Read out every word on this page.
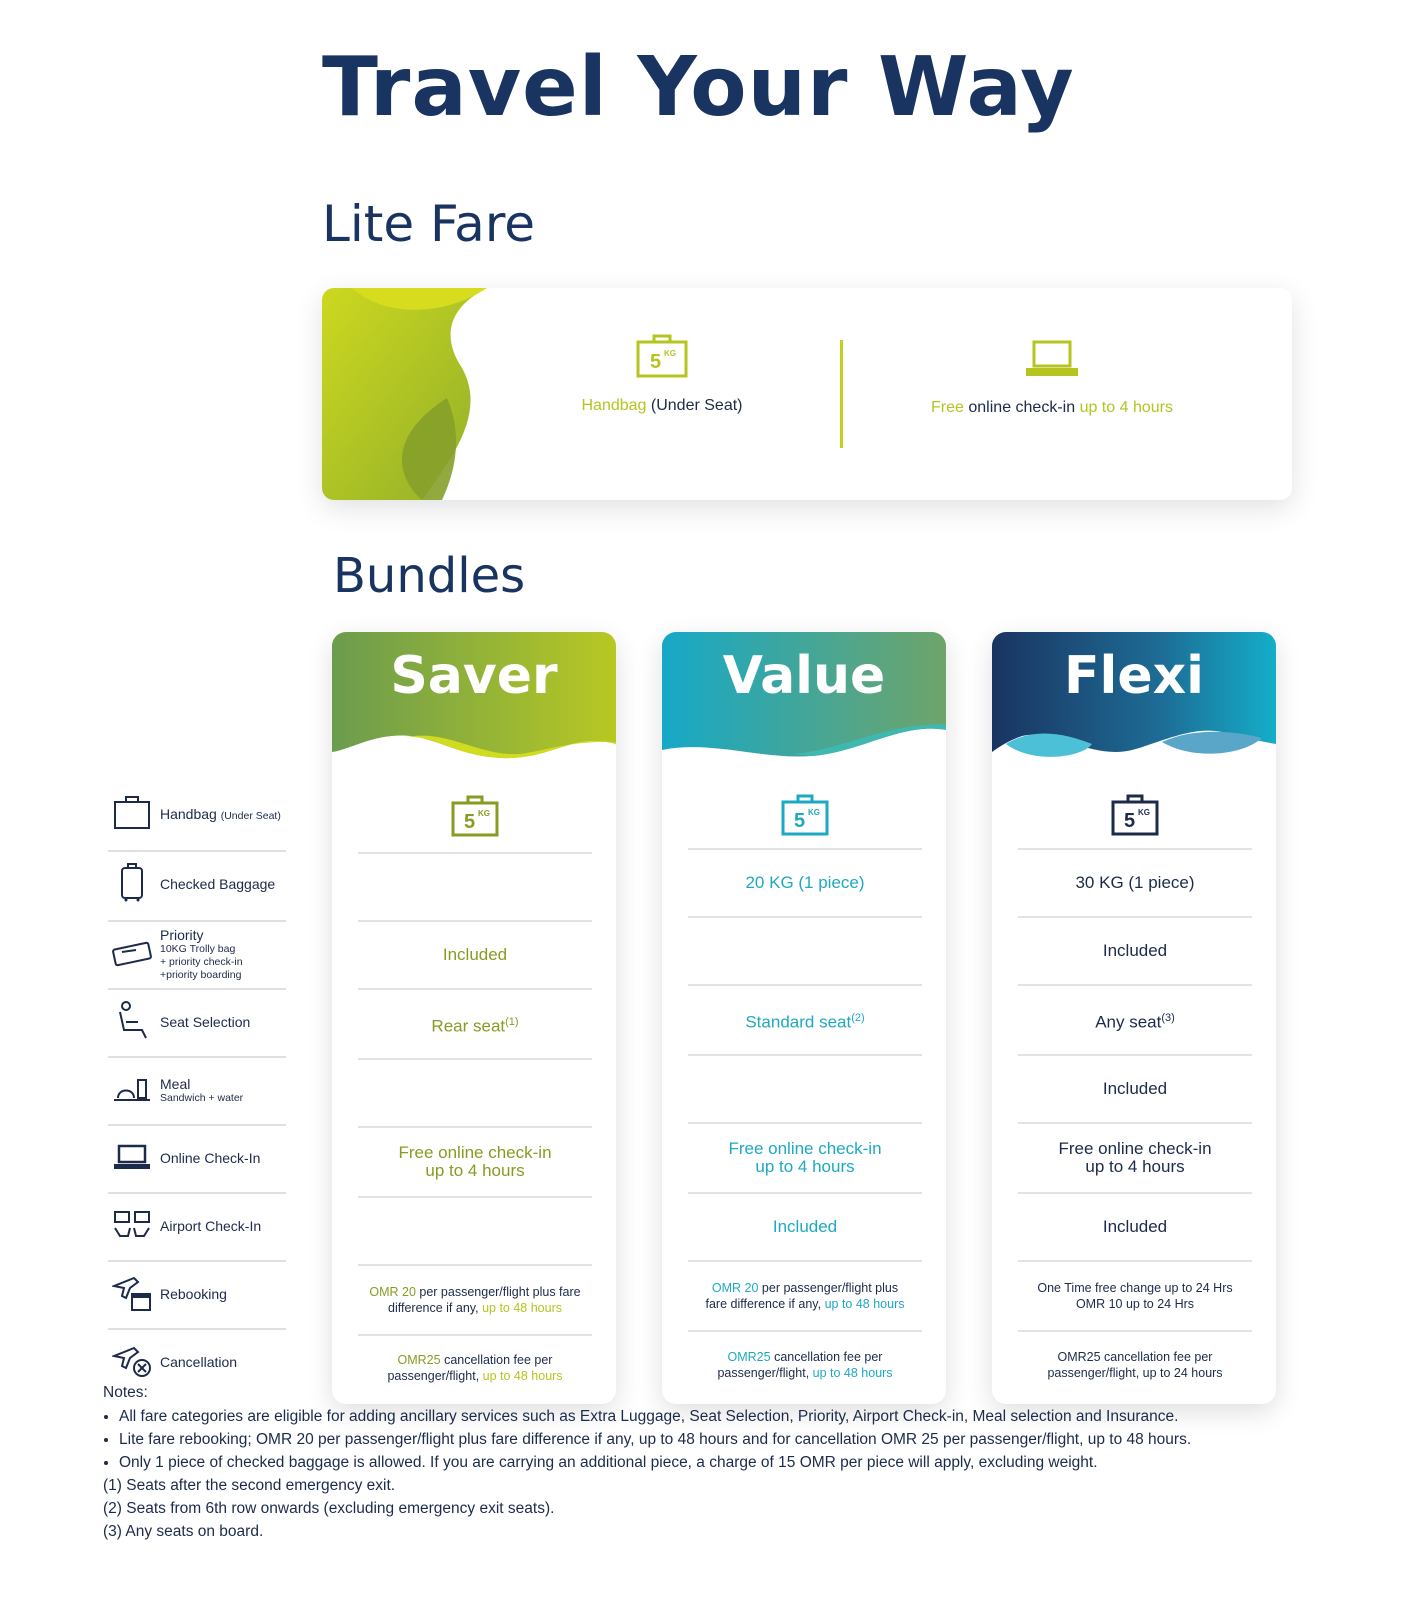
Travel Your Way
Lite Fare
5 KG
Handbag (Under Seat)	Free online check-in up to 4 hours
Bundles
Handbag (Under Seat)
Checked Baggage
Priority
10KG Trolly bag
+ priority check-in
+priority boarding
Seat Selection
Meal
Sandwich + water
Online Check-In
Airport Check-In
Rebooking
Cancellation
Saver
5 KG
Included
Rear seat$^{(1)}$
Free online check-in
up to 4 hours
OMR 20 per passenger/flight plus fare
difference if any, up to 48 hours
OMR25 cancellation fee per
passenger/flight, up to 48 hours
Value
5 KG
20 KG (1 piece)
Standard seat$^{(2)}$
Free online check-in
up to 4 hours
Included
OMR 20 per passenger/flight plus
fare difference if any, up to 48 hours
OMR25 cancellation fee per
passenger/flight, up to 48 hours
Flexi
5 KG
30 KG (1 piece)
Included
Any seat$^{(3)}$
Included
Free online check-in
up to 4 hours
Included
One Time free change up to 24 Hrs
OMR 10 up to 24 Hrs
OMR25 cancellation fee per
passenger/flight, up to 24 hours
Notes:
• All fare categories are eligible for adding ancillary services such as Extra Luggage, Seat Selection, Priority, Airport Check-in, Meal selection and Insurance.
• Lite fare rebooking; OMR 20 per passenger/flight plus fare difference if any, up to 48 hours and for cancellation OMR 25 per passenger/flight, up to 48 hours.
• Only 1 piece of checked baggage is allowed. If you are carrying an additional piece, a charge of 15 OMR per piece will apply, excluding weight.
(1) Seats after the second emergency exit.
(2) Seats from 6th row onwards (excluding emergency exit seats).
(3) Any seats on board.
